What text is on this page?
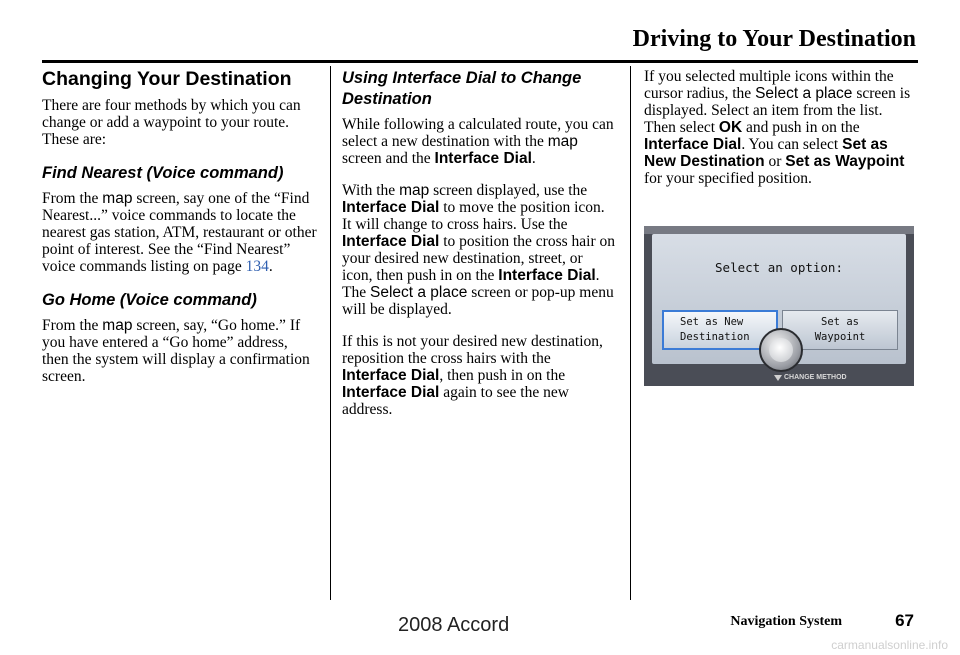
Driving to Your Destination
Changing Your Destination

There are four methods by which you can change or add a waypoint to your route. These are:

Find Nearest (Voice command)

From the map screen, say one of the “Find Nearest...” voice commands to locate the nearest gas station, ATM, restaurant or other point of interest. See the “Find Nearest” voice commands listing on page 134.

Go Home (Voice command)

From the map screen, say, “Go home.” If you have entered a “Go home” address, then the system will display a confirmation screen.

Using Interface Dial to Change Destination

While following a calculated route, you can select a new destination with the map screen and the Interface Dial.

With the map screen displayed, use the Interface Dial to move the position icon. It will change to cross hairs. Use the Interface Dial to position the cross hair on your desired new destination, street, or icon, then push in on the Interface Dial. The Select a place screen or pop-up menu will be displayed.

If this is not your desired new destination, reposition the cross hairs with the Interface Dial, then push in on the Interface Dial again to see the new address.

If you selected multiple icons within the cursor radius, the Select a place screen is displayed. Select an item from the list. Then select OK and push in on the Interface Dial. You can select Set as New Destination or Set as Waypoint for your specified position.

Select an option:
Set as New
Destination
Set as
Waypoint
CHANGE METHOD
Navigation System	67
2008 Accord
carmanualsonline.info
